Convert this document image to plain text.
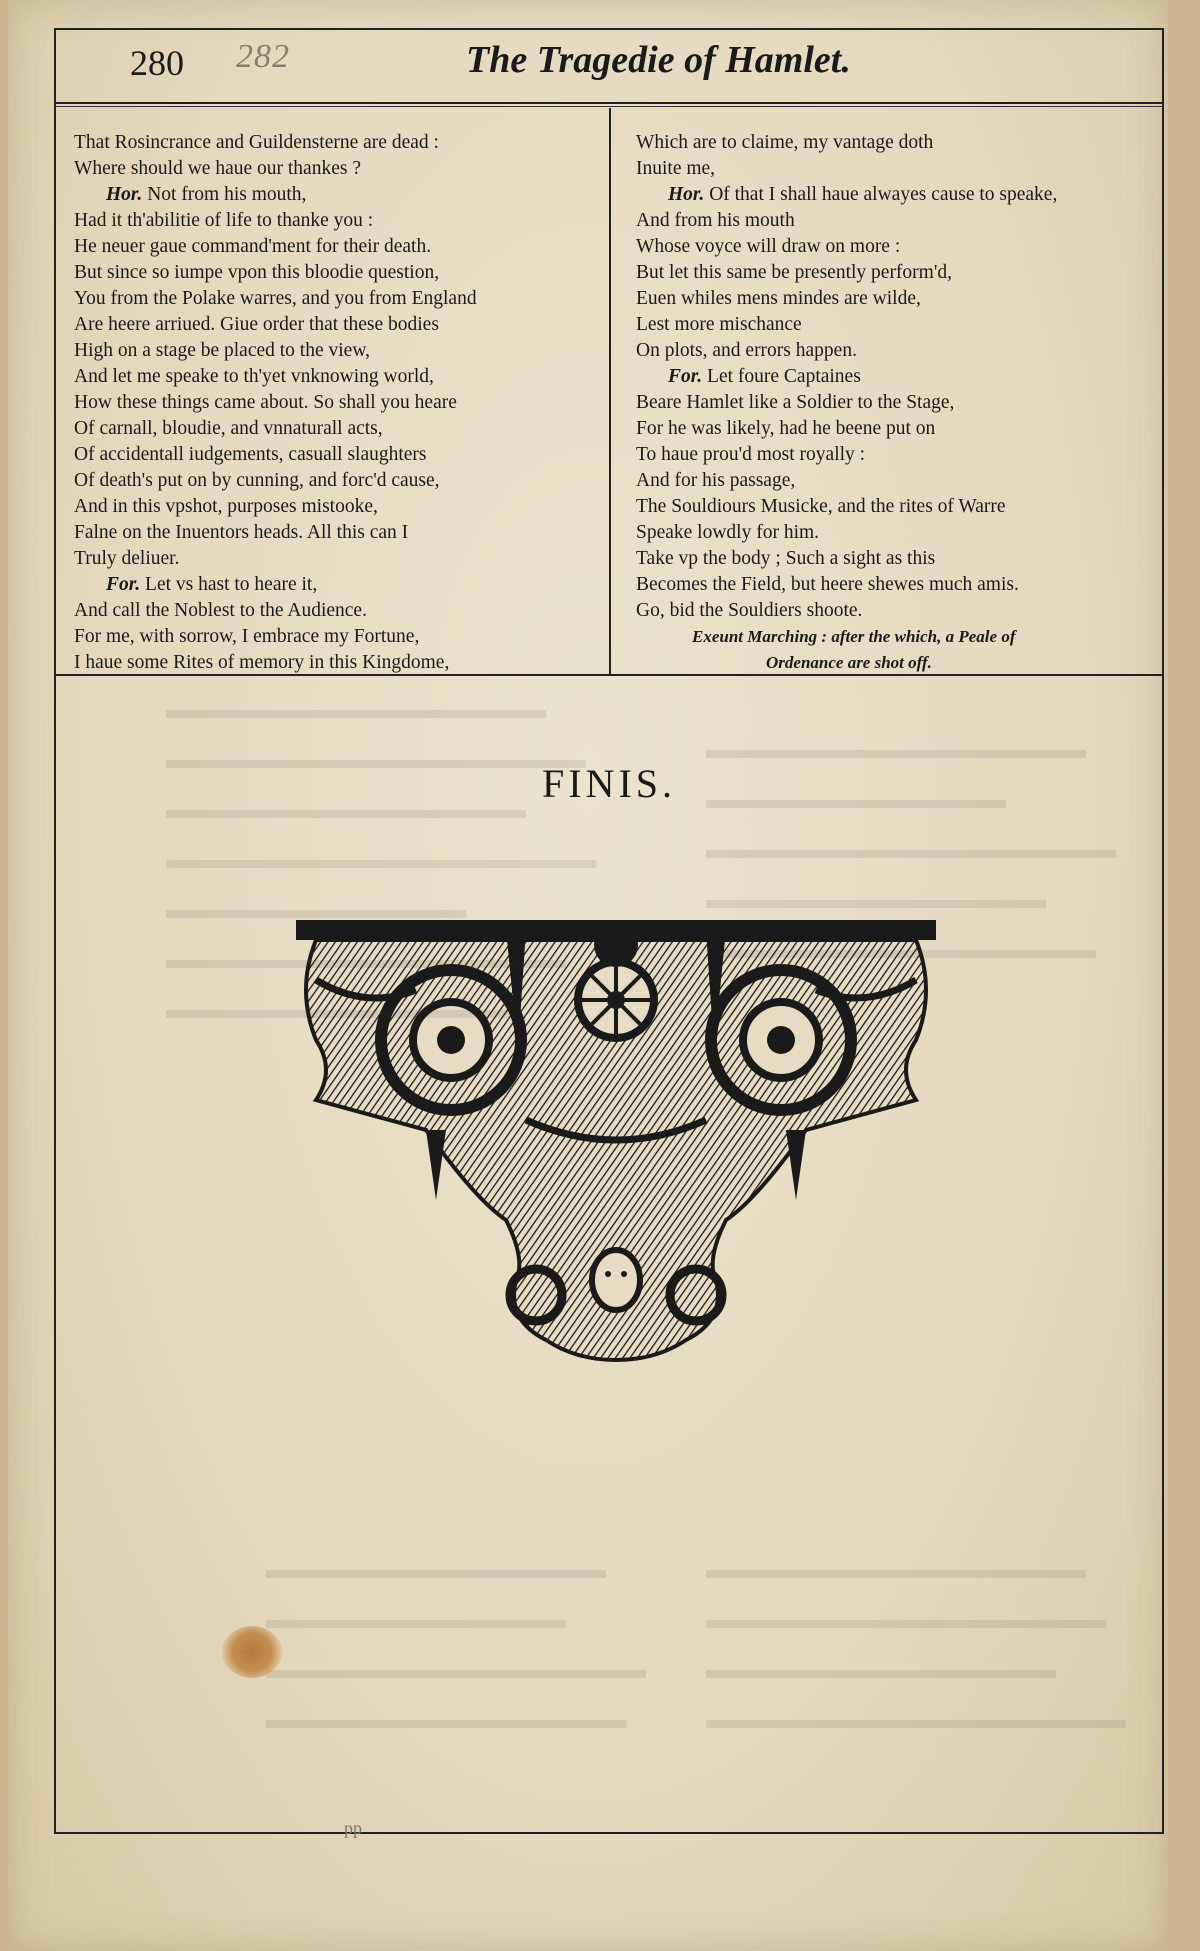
280 282	The Tragedie of Hamlet.
That Rosincrance and Guildensterne are dead :
Where should we haue our thankes ?
Hor. Not from his mouth,
Had it th'abilitie of life to thanke you :
He neuer gaue command'ment for their death.
But since so iumpe vpon this bloodie question,
You from the Polake warres, and you from England
Are heere arriued. Giue order that these bodies
High on a stage be placed to the view,
And let me speake to th'yet vnknowing world,
How these things came about. So shall you heare
Of carnall, bloudie, and vnnaturall acts,
Of accidentall iudgements, casuall slaughters
Of death's put on by cunning, and forc'd cause,
And in this vpshot, purposes mistooke,
Falne on the Inuentors heads. All this can I
Truly deliuer.
For. Let vs hast to heare it,
And call the Noblest to the Audience.
For me, with sorrow, I embrace my Fortune,
I haue some Rites of memory in this Kingdome,
Which are to claime, my vantage doth
Inuite me,
Hor. Of that I shall haue alwayes cause to speake,
And from his mouth
Whose voyce will draw on more :
But let this same be presently perform'd,
Euen whiles mens mindes are wilde,
Lest more mischance
On plots, and errors happen.
For. Let foure Captaines
Beare Hamlet like a Soldier to the Stage,
For he was likely, had he beene put on
To haue prou'd most royally :
And for his passage,
The Souldiours Musicke, and the rites of Warre
Speake lowdly for him.
Take vp the body ; Such a sight as this
Becomes the Field, but heere shewes much amis.
Go, bid the Souldiers shoote.
Exeunt Marching : after the which, a Peale of
Ordenance are shot off.
FINIS.
pp
